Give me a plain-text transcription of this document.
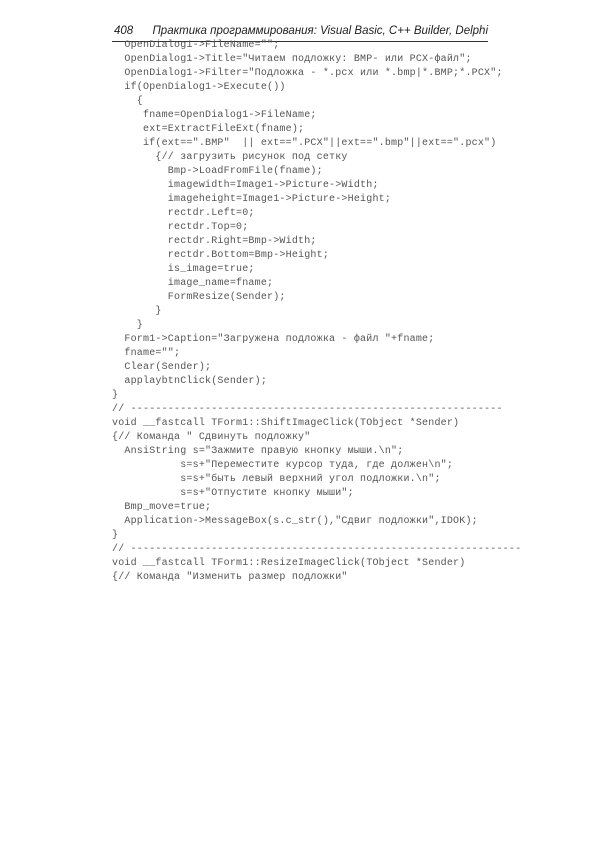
408 Практика программирования: Visual Basic, C++ Builder, Delphi
OpenDialog1->FileName="";
OpenDialog1->Title="Читаем подложку: BMP- или PCX-файл";
OpenDialog1->Filter="Подложка - *.pcx или *.bmp|*.BMP;*.PCX";
if(OpenDialog1->Execute())
{
fname=OpenDialog1->FileName;
ext=ExtractFileExt(fname);
if(ext==".BMP"  || ext==".PCX"||ext==".bmp"||ext==".pcx")
{// загрузить рисунок под сетку
Bmp->LoadFromFile(fname);
imagewidth=Image1->Picture->Width;
imageheight=Image1->Picture->Height;
rectdr.Left=0;
rectdr.Top=0;
rectdr.Right=Bmp->Width;
rectdr.Bottom=Bmp->Height;
is_image=true;
image_name=fname;
FormResize(Sender);
}
}
Form1->Caption="Загружена подложка - файл "+fname;
fname="";
Clear(Sender);
applaybtnClick(Sender);
}
// ------------------------------------------------------------
void __fastcall TForm1::ShiftImageClick(TObject *Sender)
{// Команда " Сдвинуть подложку"
AnsiString s="Зажмите правую кнопку мыши.\n";
s=s+"Переместите курсор туда, где должен\n";
s=s+"быть левый верхний угол подложки.\n";
s=s+"Отпустите кнопку мыши";
Bmp_move=true;
Application->MessageBox(s.c_str(),"Сдвиг подложки",IDOK);
}
// ---------------------------------------------------------------
void __fastcall TForm1::ResizeImageClick(TObject *Sender)
{// Команда "Изменить размер подложки"
